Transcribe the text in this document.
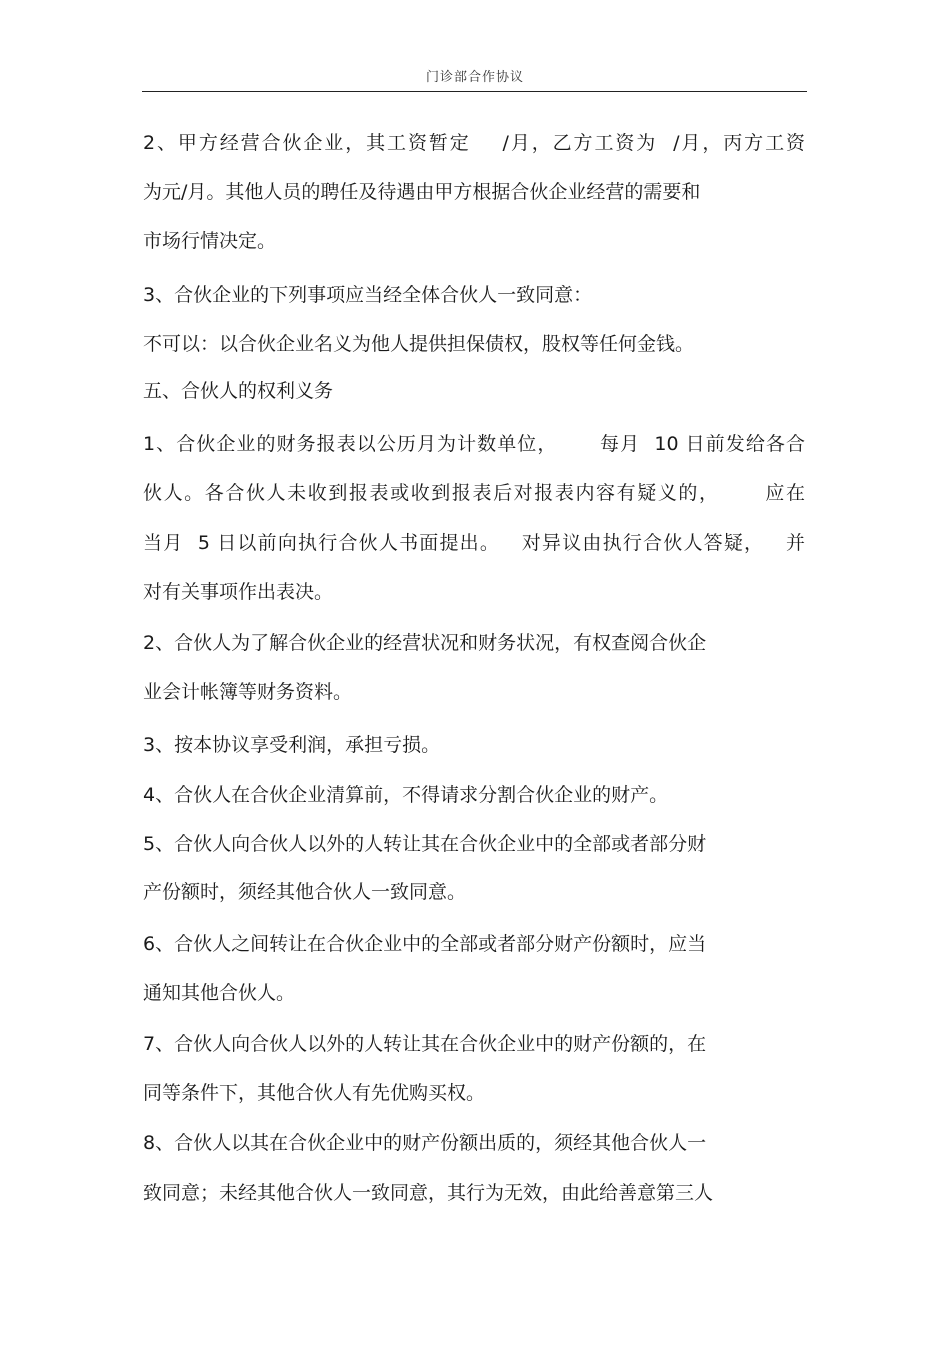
门诊部合作协议
2、甲方经营合伙企业，其工资暂定    /月，乙方工资为  /月，丙方工资
为元/月。其他人员的聘任及待遇由甲方根据合伙企业经营的需要和
市场行情决定。
3、合伙企业的下列事项应当经全体合伙人一致同意：
不可以：以合伙企业名义为他人提供担保债权，股权等任何金钱。
五、合伙人的权利义务
1、合伙企业的财务报表以公历月为计数单位，      每月  10 日前发给各合
伙人。各合伙人未收到报表或收到报表后对报表内容有疑义的，      应在
当月  5 日以前向执行合伙人书面提出。   对异议由执行合伙人答疑，   并
对有关事项作出表决。
2、合伙人为了解合伙企业的经营状况和财务状况，有权查阅合伙企
业会计帐簿等财务资料。
3、按本协议享受利润，承担亏损。
4、合伙人在合伙企业清算前，不得请求分割合伙企业的财产。
5、合伙人向合伙人以外的人转让其在合伙企业中的全部或者部分财
产份额时，须经其他合伙人一致同意。
6、合伙人之间转让在合伙企业中的全部或者部分财产份额时，应当
通知其他合伙人。
7、合伙人向合伙人以外的人转让其在合伙企业中的财产份额的，在
同等条件下，其他合伙人有先优购买权。
8、合伙人以其在合伙企业中的财产份额出质的，须经其他合伙人一
致同意；未经其他合伙人一致同意，其行为无效，由此给善意第三人
